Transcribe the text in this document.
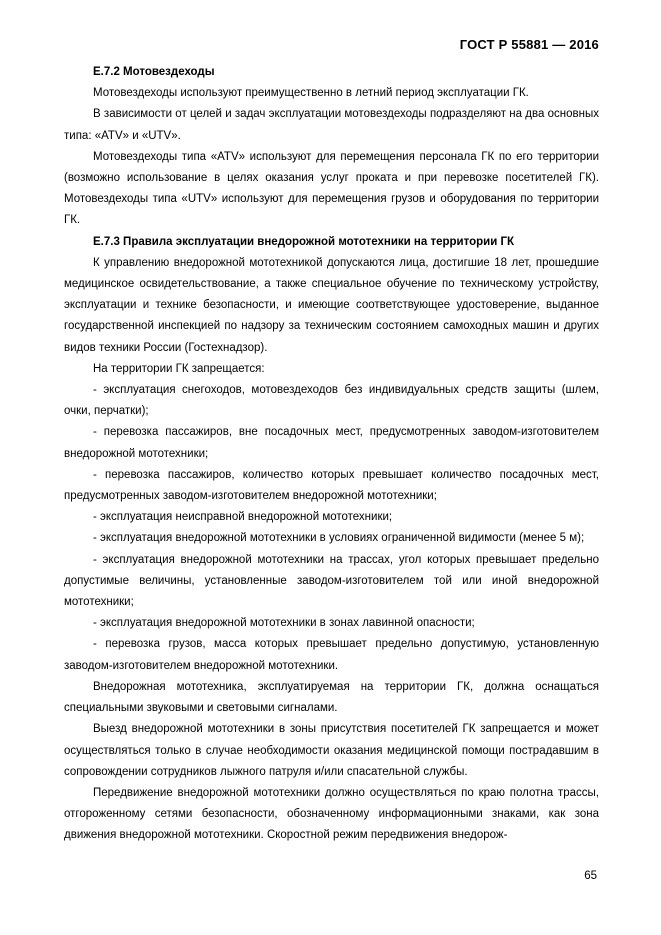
ГОСТ Р 55881 — 2016
Е.7.2 Мотовездеходы

Мотовездеходы используют преимущественно в летний период эксплуатации ГК.

В зависимости от целей и задач эксплуатации мотовездеходы подразделяют на два основных типа: «ATV» и «UTV».

Мотовездеходы типа «ATV» используют для перемещения персонала ГК по его территории (возможно использование в целях оказания услуг проката и при перевозке посетителей ГК). Мотовездеходы типа «UTV» используют для перемещения грузов и оборудования по территории ГК.

Е.7.3 Правила эксплуатации внедорожной мототехники на территории ГК

К управлению внедорожной мототехникой допускаются лица, достигшие 18 лет, прошедшие медицинское освидетельствование, а также специальное обучение по техническому устройству, эксплуатации и технике безопасности, и имеющие соответствующее удостоверение, выданное государственной инспекцией по надзору за техническим состоянием самоходных машин и других видов техники России (Гостехнадзор).

На территории ГК запрещается:

- эксплуатация снегоходов, мотовездеходов без индивидуальных средств защиты (шлем, очки, перчатки);

- перевозка пассажиров, вне посадочных мест, предусмотренных заводом-изготовителем внедорожной мототехники;

- перевозка пассажиров, количество которых превышает количество посадочных мест, предусмотренных заводом-изготовителем внедорожной мототехники;

- эксплуатация неисправной внедорожной мототехники;

- эксплуатация внедорожной мототехники в условиях ограниченной видимости (менее 5 м);

- эксплуатация внедорожной мототехники на трассах, угол которых превышает предельно допустимые величины, установленные заводом-изготовителем той или иной внедорожной мототехники;

- эксплуатация внедорожной мототехники в зонах лавинной опасности;

- перевозка грузов, масса которых превышает предельно допустимую, установленную заводом-изготовителем внедорожной мототехники.

Внедорожная мототехника, эксплуатируемая на территории ГК, должна оснащаться специальными звуковыми и световыми сигналами.

Выезд внедорожной мототехники в зоны присутствия посетителей ГК запрещается и может осуществляться только в случае необходимости оказания медицинской помощи пострадавшим в сопровождении сотрудников лыжного патруля и/или спасательной службы.

Передвижение внедорожной мототехники должно осуществляться по краю полотна трассы, отгороженному сетями безопасности, обозначенному информационными знаками, как зона движения внедорожной мототехники. Скоростной режим передвижения внедорож-

65
